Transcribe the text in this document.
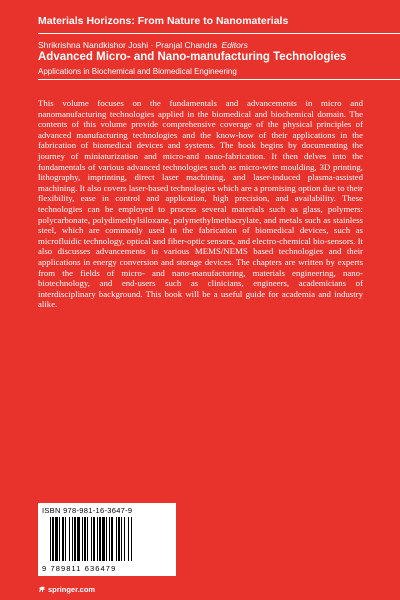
Materials Horizons: From Nature to Nanomaterials
Shrikrishna Nandkishor Joshi · Pranjal Chandra Editors
Advanced Micro- and Nano-manufacturing Technologies
Applications in Biochemical and Biomedical Engineering

This volume focuses on the fundamentals and advancements in micro and nanomanufacturing technologies applied in the biomedical and biochemical domain. The contents of this volume provide comprehensive coverage of the physical principles of advanced manufacturing technologies and the know-how of their applications in the fabrication of biomedical devices and systems. The book begins by documenting the journey of miniaturization and micro-and nano-fabrication. It then delves into the fundamentals of various advanced technologies such as micro-wire moulding, 3D printing, lithography, imprinting, direct laser machining, and laser-induced plasma-assisted machining. It also covers laser-based technologies which are a promising option due to their flexibility, ease in control and application, high precision, and availability. These technologies can be employed to process several materials such as glass, polymers: polycarbonate, polydimethylsiloxane, polymethylmethacrylate, and metals such as stainless steel, which are commonly used in the fabrication of biomedical devices, such as microfluidic technology, optical and fiber-optic sensors, and electro-chemical bio-sensors. It also discusses advancements in various MEMS/NEMS based technologies and their applications in energy conversion and storage devices. The chapters are written by experts from the fields of micro- and nano-manufacturing, materials engineering, nano-biotechnology, and end-users such as clinicians, engineers, academicians of interdisciplinary background. This book will be a useful guide for academia and industry alike.

ISBN 978-981-16-3647-9
9 789811 636479
springer.com
